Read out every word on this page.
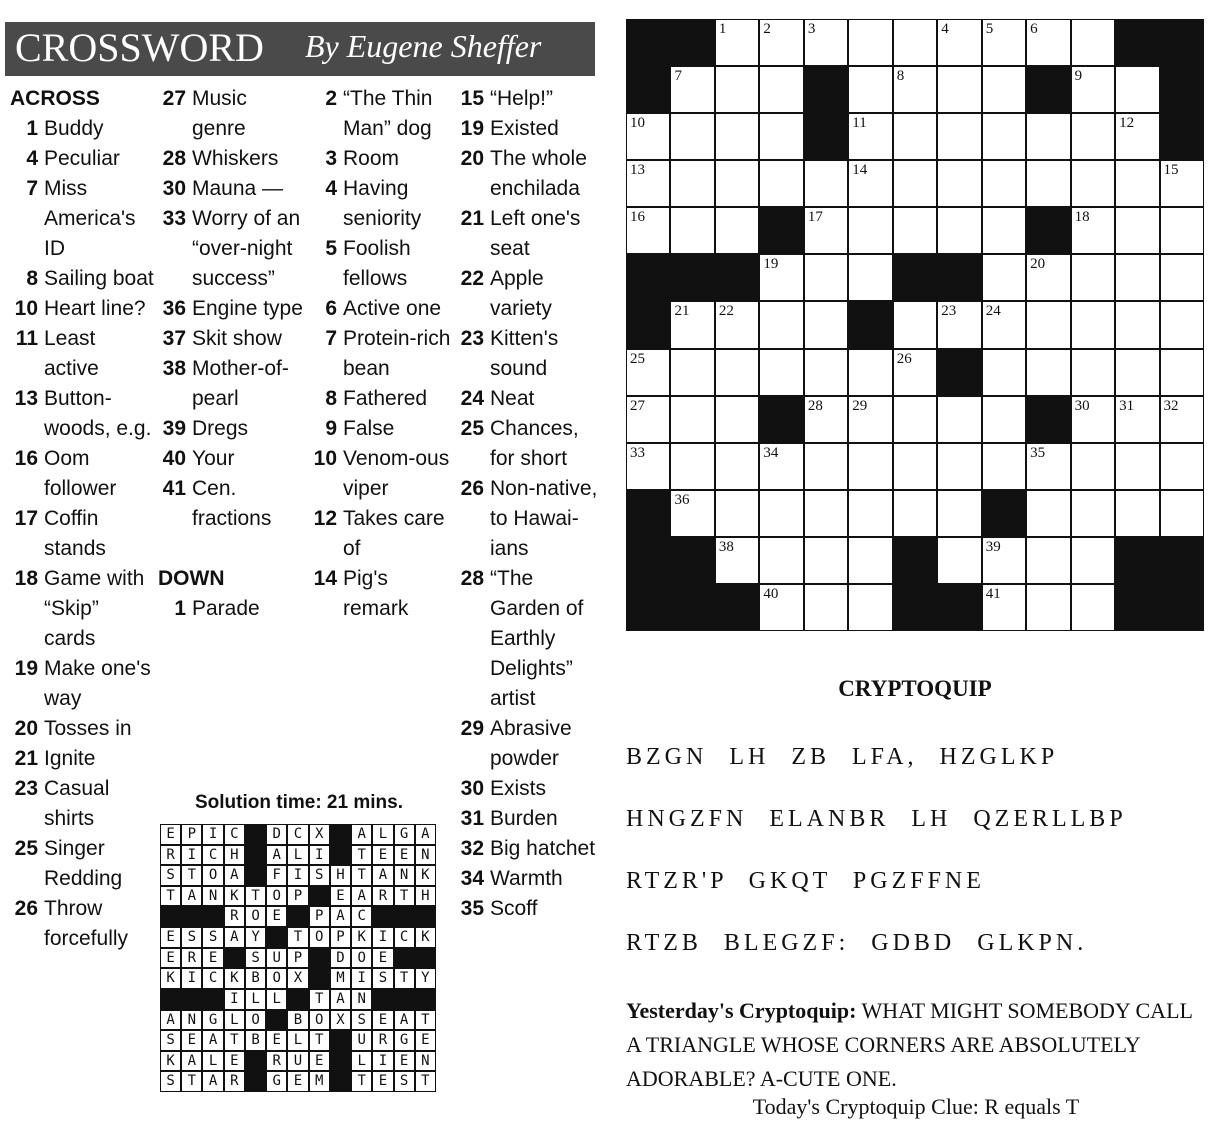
CROSSWORD By Eugene Sheffer
ACROSS
1 Buddy
4 Peculiar
7 Miss America's ID
8 Sailing boat
10 Heart line?
11 Least active
13 Button-woods, e.g.
16 Oom follower
17 Coffin stands
18 Game with “Skip” cards
19 Make one's way
20 Tosses in
21 Ignite
23 Casual shirts
25 Singer Redding
26 Throw forcefully
27 Music genre
28 Whiskers
30 Mauna —
33 Worry of an “over-night success”
36 Engine type
37 Skit show
38 Mother-of-pearl
39 Dregs
40 Your
41 Cen. fractions
DOWN
1 Parade
2 “The Thin Man” dog
3 Room
4 Having seniority
5 Foolish fellows
6 Active one
7 Protein-rich bean
8 Fathered
9 False
10 Venom-ous viper
12 Takes care of
14 Pig's remark
15 “Help!”
19 Existed
20 The whole enchilada
21 Left one's seat
22 Apple variety
23 Kitten's sound
24 Neat
25 Chances, for short
26 Non-native, to Hawai-ians
28 “The Garden of Earthly Delights” artist
29 Abrasive powder
30 Exists
31 Burden
32 Big hatchet
34 Warmth
35 Scoff
Solution time: 21 mins.
E P I C	D C X	A L G A
R I C H	A L I	T E E N
S T O A	F I S H T A N K
T A N K T O P	E A R T H
R O E	P A C
E S S A Y	T O P K I C K
E R E	S U P	D O E
K I C K B O X	M I S T Y
I L L	T A N
A N G L O	B O X S E A T
S E A T B E L T	U R G E
K A L E	R U E	L I E N
S T A R	G E M	T E S T
1 2 3	4 5 6
7	8	9
10	11	12
13	14	15
16	17	18
19	20
21 22	23 24
25	26
27	28 29	30 31 32
33	34	35
36
38	39
40	41
CRYPTOQUIP
BZGN LH ZB LFA, HZGLKP
HNGZFN ELANBR LH QZERLLBP
RTZR'P GKQT PGZFFNE
RTZB BLEGZF: GDBD GLKPN.
Yesterday's Cryptoquip: WHAT MIGHT SOMEBODY CALL A TRIANGLE WHOSE CORNERS ARE ABSOLUTELY ADORABLE? A-CUTE ONE.
Today's Cryptoquip Clue: R equals T
